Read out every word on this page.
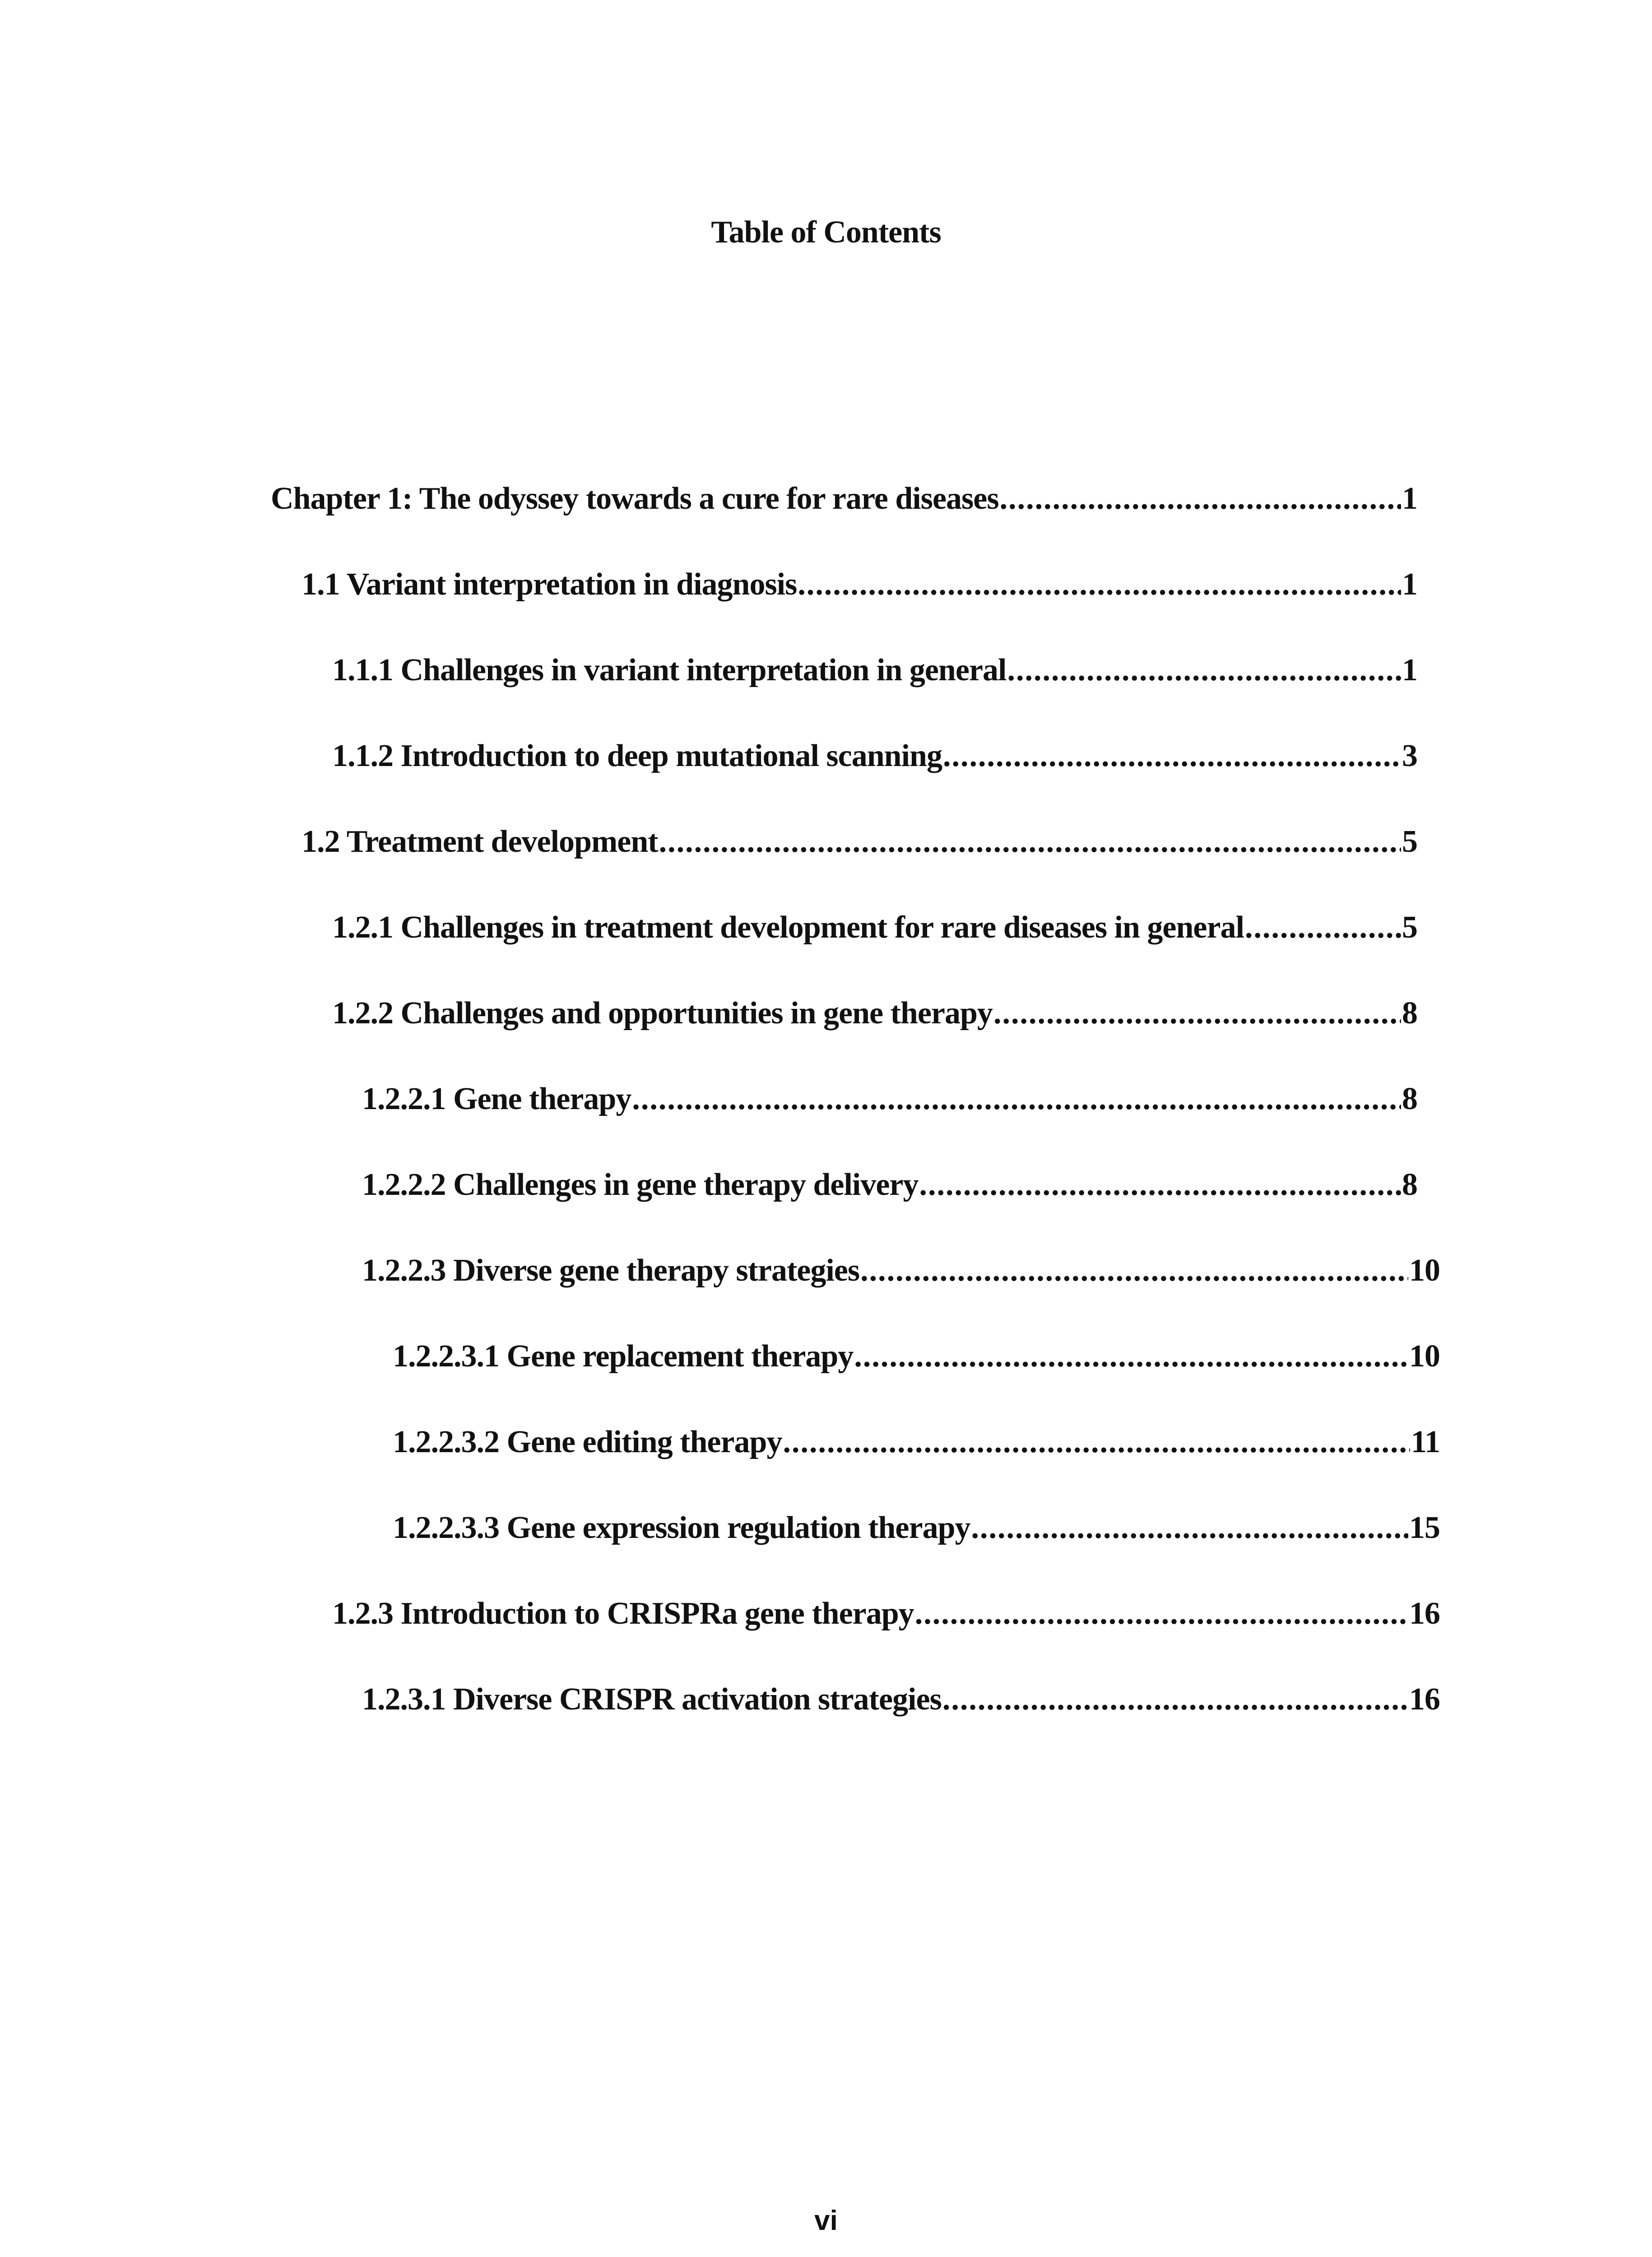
Table of Contents
Chapter 1: The odyssey towards a cure for rare diseases .....	1
1.1 Variant interpretation in diagnosis .....	1
1.1.1 Challenges in variant interpretation in general .....	1
1.1.2 Introduction to deep mutational scanning .....	3
1.2 Treatment development .....	5
1.2.1 Challenges in treatment development for rare diseases in general .....	5
1.2.2 Challenges and opportunities in gene therapy .....	8
1.2.2.1 Gene therapy .....	8
1.2.2.2 Challenges in gene therapy delivery .....	8
1.2.2.3 Diverse gene therapy strategies .....	10
1.2.2.3.1 Gene replacement therapy .....	10
1.2.2.3.2 Gene editing therapy .....	11
1.2.2.3.3 Gene expression regulation therapy .....	15
1.2.3 Introduction to CRISPRa gene therapy .....	16
1.2.3.1 Diverse CRISPR activation strategies .....	16
vi
